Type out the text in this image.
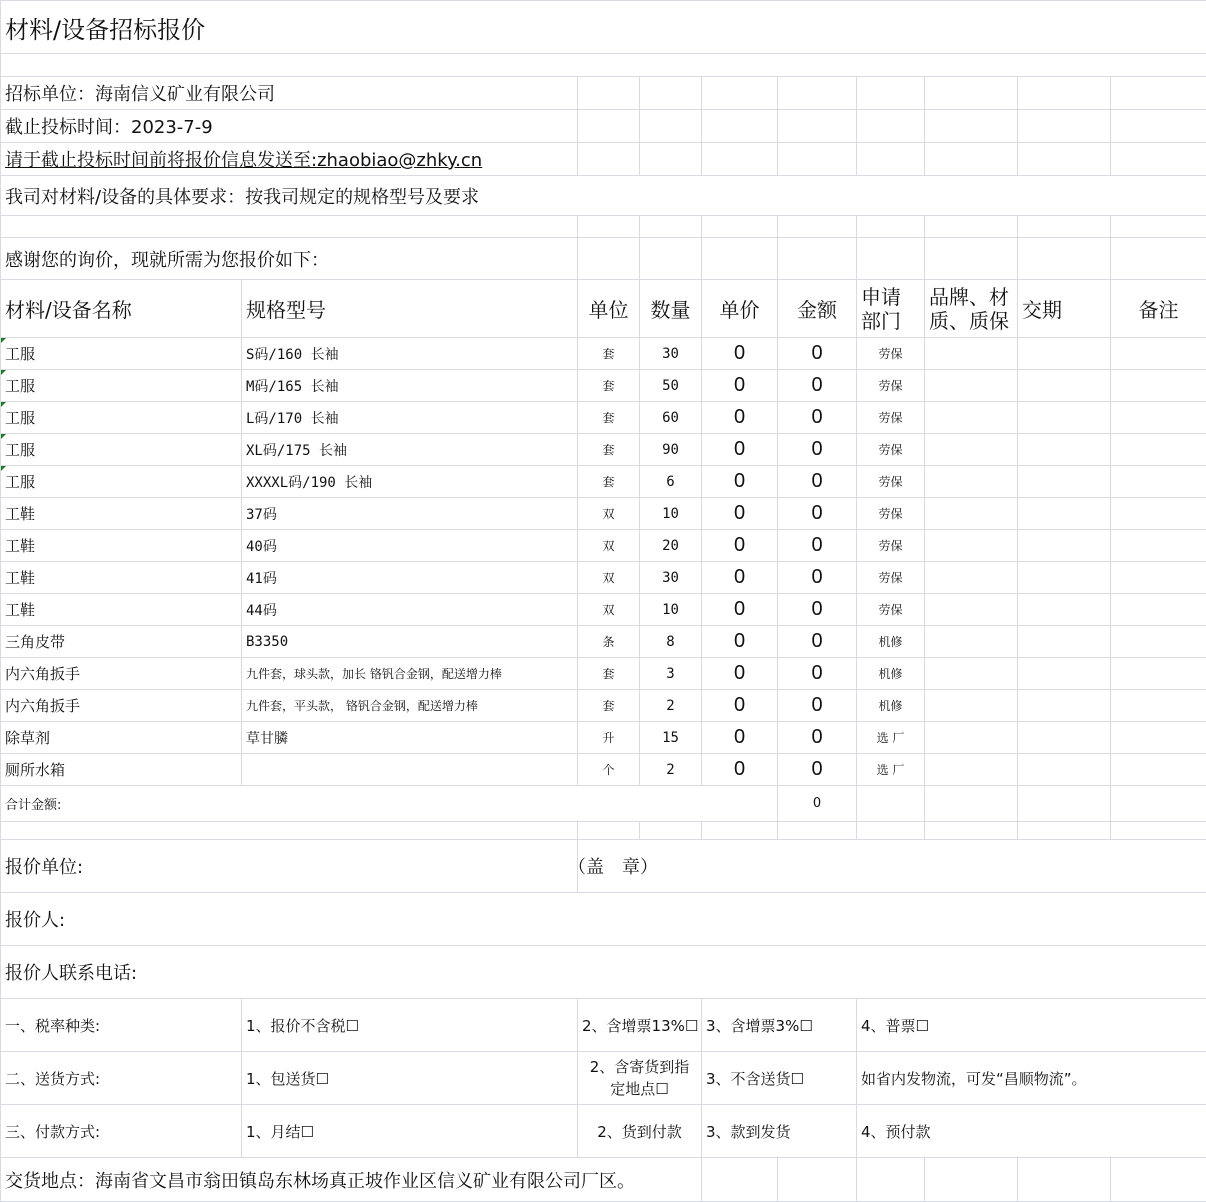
材料/设备招标报价									

招标单位：海南信义矿业有限公司									
截止投标时间：2023-7-9									
请于截止投标时间前将报价信息发送至:zhaobiao@zhky.cn									
我司对材料/设备的具体要求：按我司规定的规格型号及要求									

感谢您的询价，现就所需为您报价如下：									
材料/设备名称	规格型号	单位	数量	单价	金额	申请部门	品牌、材质、质保	交期	备注
工服	S码/160 长袖	套	30	0	0	劳保			
工服	M码/165 长袖	套	50	0	0	劳保			
工服	L码/170 长袖	套	60	0	0	劳保			
工服	XL码/175 长袖	套	90	0	0	劳保			
工服	XXXXL码/190 长袖	套	6	0	0	劳保			
工鞋	37码	双	10	0	0	劳保			
工鞋	40码	双	20	0	0	劳保			
工鞋	41码	双	30	0	0	劳保			
工鞋	44码	双	10	0	0	劳保			
三角皮带	B3350	条	8	0	0	机修			
内六角扳手	九件套，球头款，加长 铬钒合金钢，配送增力棒	套	3	0	0	机修			
内六角扳手	九件套，平头款， 铬钒合金钢，配送增力棒	套	2	0	0	机修			
除草剂	草甘膦	升	15	0	0	选 厂			
厕所水箱		个	2	0	0	选 厂			
合计金额:					0				

报价单位:		（盖　章）							
报价人:									
报价人联系电话:									
一、税率种类:	1、报价不含税☐	2、含增票13%☐		3、含增票3%☐		4、普票☐			
二、送货方式:	1、包送货☐	2、含寄货到指定地点☐		3、不含送货☐		如省内发物流，可发“昌顺物流”。			
三、付款方式:	1、月结☐	2、货到付款		3、款到发货		4、预付款			
交货地点：海南省文昌市翁田镇岛东林场真正坡作业区信义矿业有限公司厂区。									
